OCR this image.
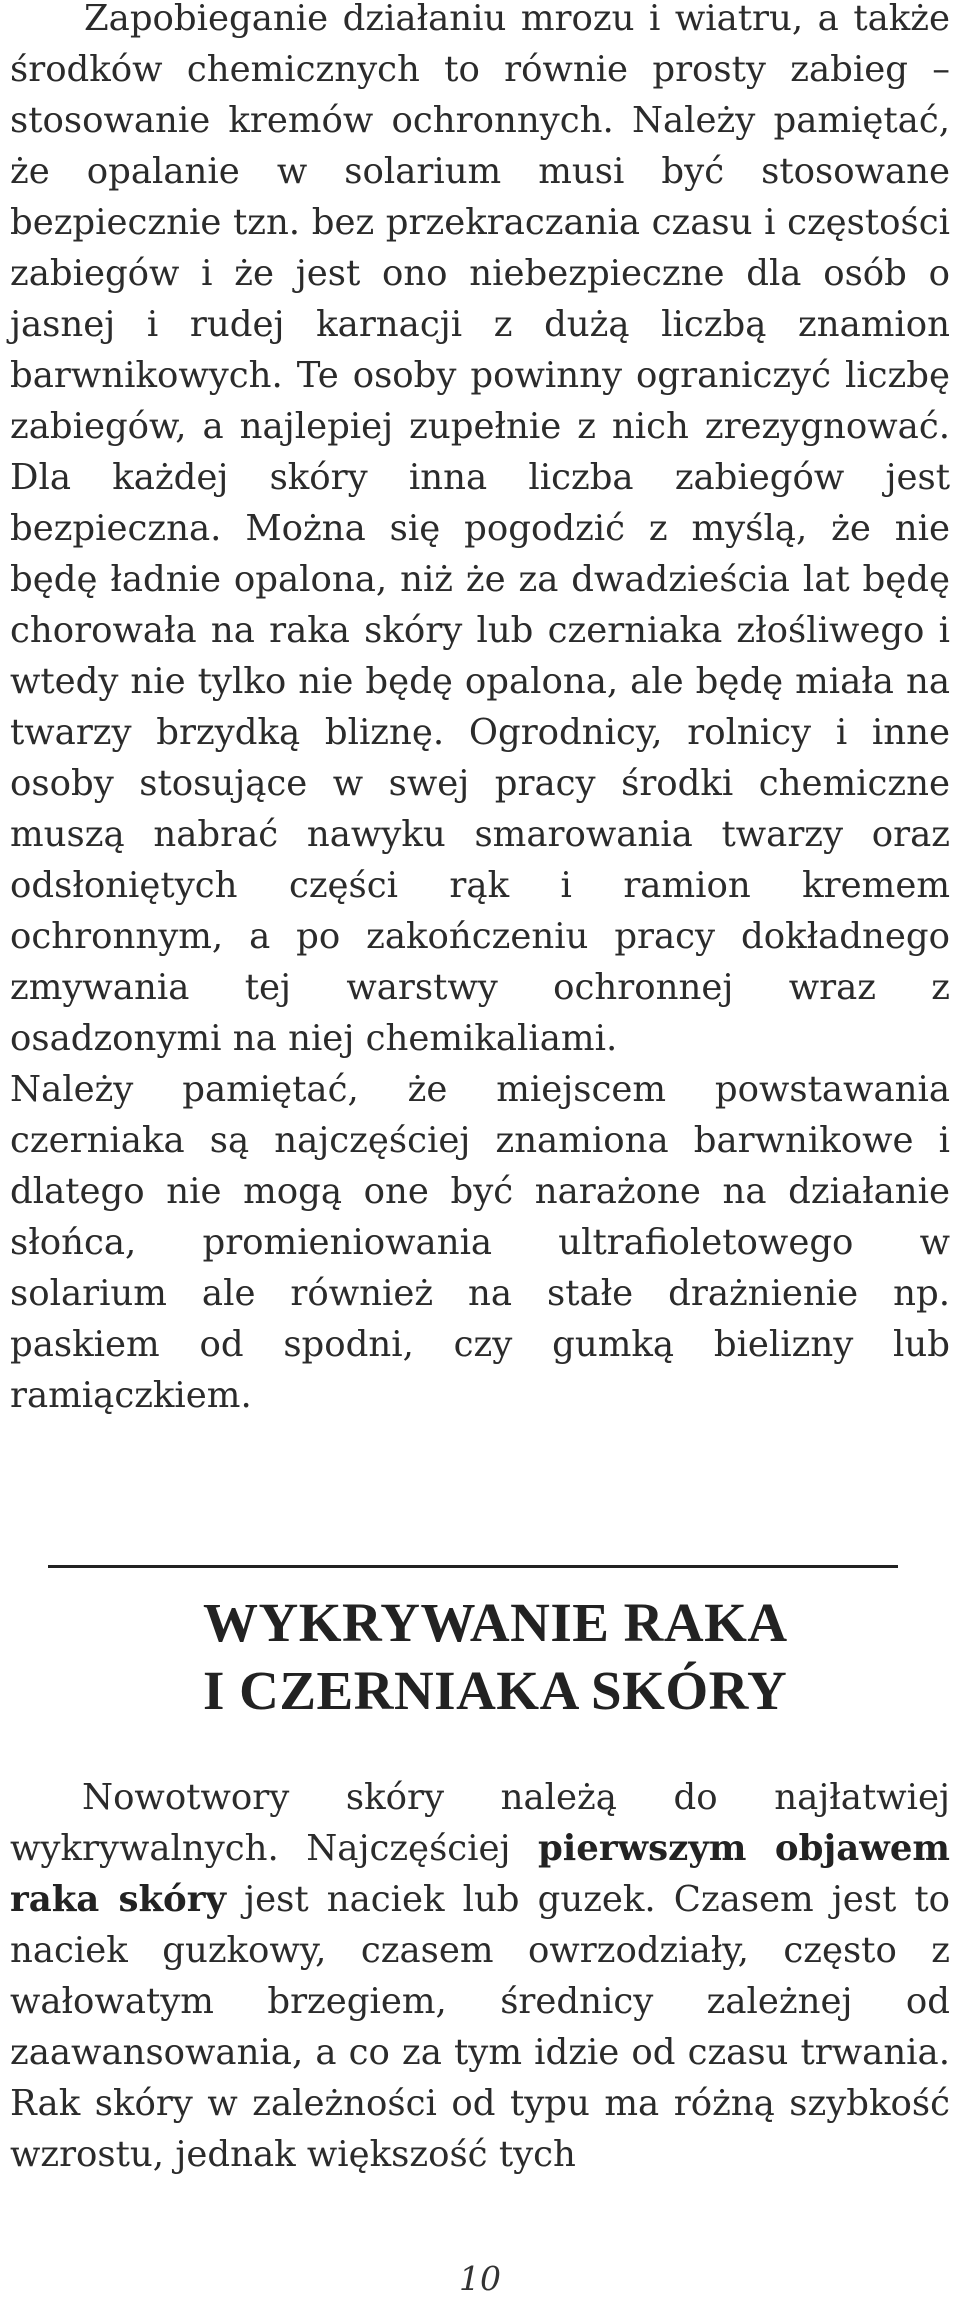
Zapobieganie działaniu mrozu i wiatru, a także środków chemicznych to równie prosty zabieg – stosowanie kremów ochronnych. Należy pamiętać, że opalanie w solarium musi być stosowane bezpiecznie tzn. bez przekraczania czasu i częstości zabiegów i że jest ono niebezpieczne dla osób o jasnej i rudej karnacji z dużą liczbą znamion barwnikowych. Te osoby powinny ograniczyć liczbę zabiegów, a najlepiej zupełnie z nich zrezygnować. Dla każdej skóry inna liczba zabiegów jest bezpieczna. Można się pogodzić z myślą, że nie będę ładnie opalona, niż że za dwadzieścia lat będę chorowała na raka skóry lub czerniaka złośliwego i wtedy nie tylko nie będę opalona, ale będę miała na twarzy brzydką bliznę. Ogrodnicy, rolnicy i inne osoby stosujące w swej pracy środki chemiczne muszą nabrać nawyku smarowania twarzy oraz odsłoniętych części rąk i ramion kremem ochronnym, a po zakończeniu pracy dokładnego zmywania tej warstwy ochronnej wraz z osadzonymi na niej chemikaliami.

Należy pamiętać, że miejscem powstawania czerniaka są najczęściej znamiona barwnikowe i dlatego nie mogą one być narażone na działanie słońca, promieniowania ultrafioletowego w solarium ale również na stałe drażnienie np. paskiem od spodni, czy gumką bielizny lub ramiączkiem.

WYKRYWANIE RAKA
I CZERNIAKA SKÓRY

Nowotwory skóry należą do najłatwiej wykrywalnych. Najczęściej pierwszym objawem raka skóry jest naciek lub guzek. Czasem jest to naciek guzkowy, czasem owrzodziały, często z wałowatym brzegiem, średnicy zależnej od zaawansowania, a co za tym idzie od czasu trwania. Rak skóry w zależności od typu ma różną szybkość wzrostu, jednak większość tych

10
